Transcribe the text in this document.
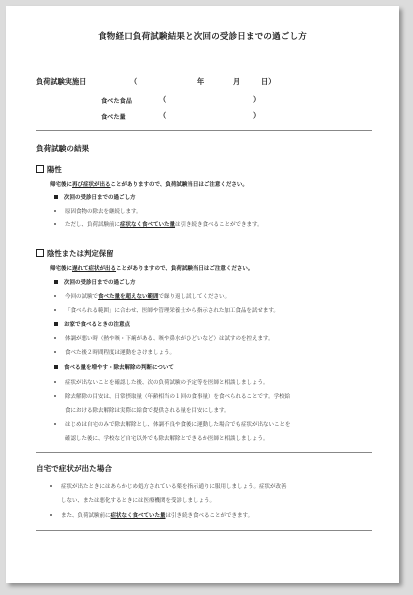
食物経口負荷試験結果と次回の受診日までの過ごし方
負荷試験実施日	（	年	月	日）
食べた食品	（	）
食べた量	（	）
負荷試験の結果
陽性
帰宅後に再び症状が出ることがありますので、負荷試験当日はご注意ください。
次回の受診日までの過ごし方
原因食物の除去を継続します。
ただし、負荷試験前に症状なく食べていた量は引き続き食べることができます。
陰性または判定保留
帰宅後に遅れて症状が出ることがありますので、負荷試験当日はご注意ください。
次回の受診日までの過ごし方
今回の試験で食べた量を超えない範囲で繰り返し試してください。
「食べられる範囲」に合わせ、医師や管理栄養士から指示された加工食品を試せます。
お家で食べるときの注意点
体調が悪い時（熱や咳・下痢がある、咳や鼻水がひどいなど）は試すのを控えます。
食べた後２時間程度は運動をさけましょう。
食べる量を増やす・除去解除の判断について
症状が出ないことを確認した後、次の負荷試験の予定等を医師と相談しましょう。
除去解除の目安は、日常摂取量（年齢相当の１回の食事量）を食べられることです。学校給
食における除去解除は実際に給食で提供される量を目安にします。
はじめは自宅のみで除去解除とし、体調不良や食後に運動した場合でも症状が出ないことを
確認した後に、学校など自宅以外でも除去解除とできるか医師と相談しましょう。
自宅で症状が出た場合
症状が出たときにはあらかじめ処方されている薬を指示通りに服用しましょう。症状が改善
しない、または悪化するときには医療機関を受診しましょう。
また、負荷試験前に症状なく食べていた量は引き続き食べることができます。
